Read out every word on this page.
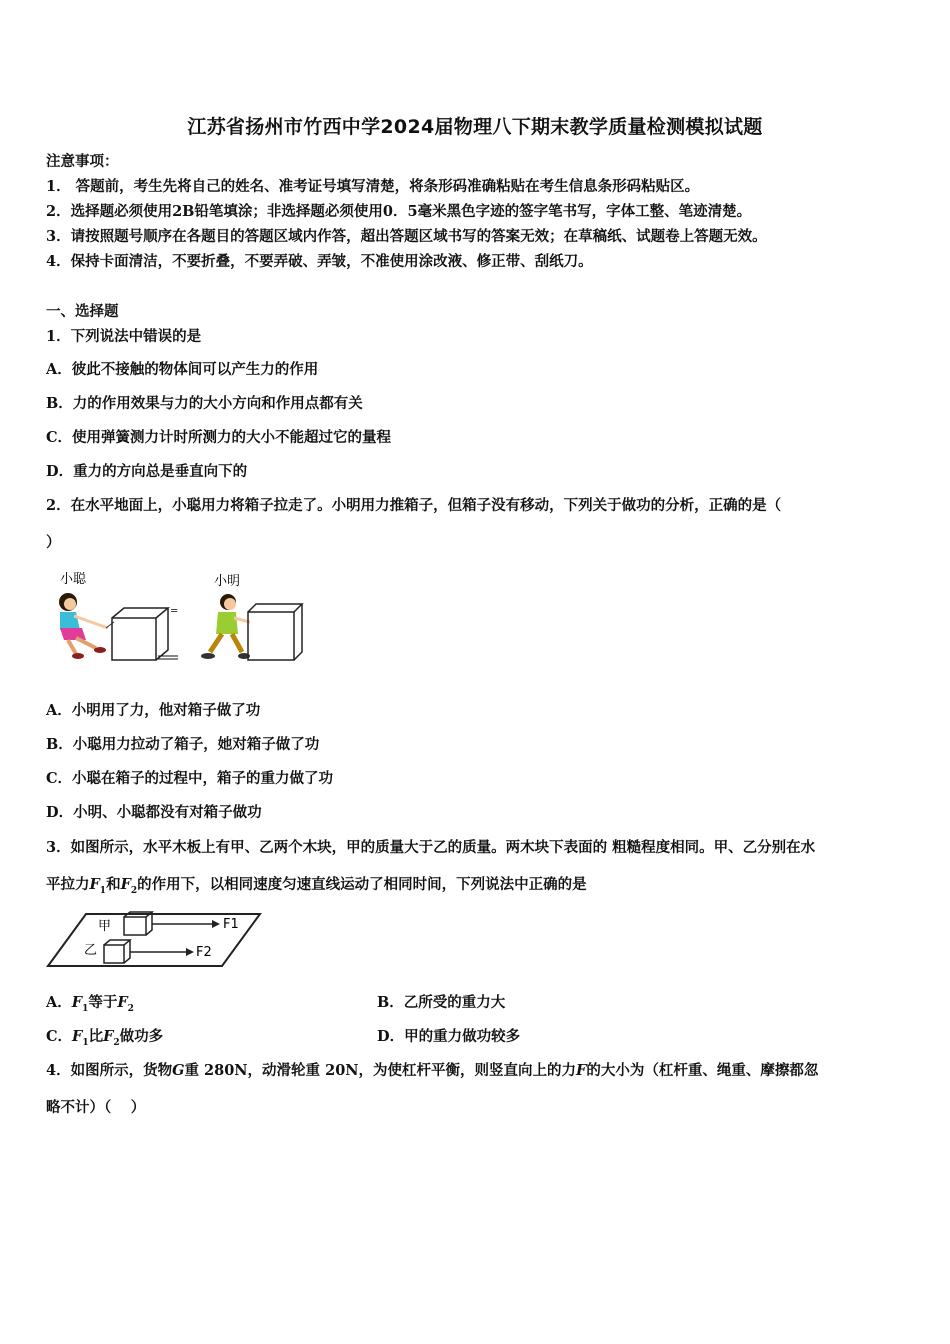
江苏省扬州市竹西中学2024届物理八下期末教学质量检测模拟试题
注意事项：
1． 答题前，考生先将自己的姓名、准考证号填写清楚，将条形码准确粘贴在考生信息条形码粘贴区。
2．选择题必须使用2B铅笔填涂；非选择题必须使用0．5毫米黑色字迹的签字笔书写，字体工整、笔迹清楚。
3．请按照题号顺序在各题目的答题区域内作答，超出答题区域书写的答案无效；在草稿纸、试题卷上答题无效。
4．保持卡面清洁，不要折叠，不要弄破、弄皱，不准使用涂改液、修正带、刮纸刀。
一、选择题
1．下列说法中错误的是
A．彼此不接触的物体间可以产生力的作用
B．力的作用效果与力的大小方向和作用点都有关
C．使用弹簧测力计时所测力的大小不能超过它的量程
D．重力的方向总是垂直向下的
2．在水平地面上，小聪用力将箱子拉走了。小明用力推箱子，但箱子没有移动，下列关于做功的分析，正确的是（
）
小聪	小明
=
A．小明用了力，他对箱子做了功
B．小聪用力拉动了箱子，她对箱子做了功
C．小聪在箱子的过程中，箱子的重力做了功
D．小明、小聪都没有对箱子做功
3．如图所示，水平木板上有甲、乙两个木块，甲的质量大于乙的质量。两木块下表面的 粗糙程度相同。甲、乙分别在水
平拉力$F_1$和$F_2$的作用下，以相同速度匀速直线运动了相同时间，下列说法中正确的是
甲	F1
乙	F2
A．$F_1$等于$F_2$	B．乙所受的重力大
C．$F_1$比$F_2$做功多	D．甲的重力做功较多
4．如图所示，货物G重 280N，动滑轮重 20N，为使杠杆平衡，则竖直向上的力F的大小为（杠杆重、绳重、摩擦都忽
略不计）（　 ）
